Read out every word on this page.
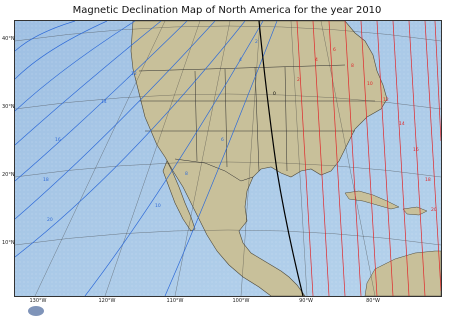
Magnetic Declination Map of North America for the year 2010
20
18
16
14
12
10
8
6
4
2
0
2
4
6
8
10
12
14
16
18
20
40°N
30°N
20°N
10°N
130°W	120°W	110°W	100°W	90°W	80°W
